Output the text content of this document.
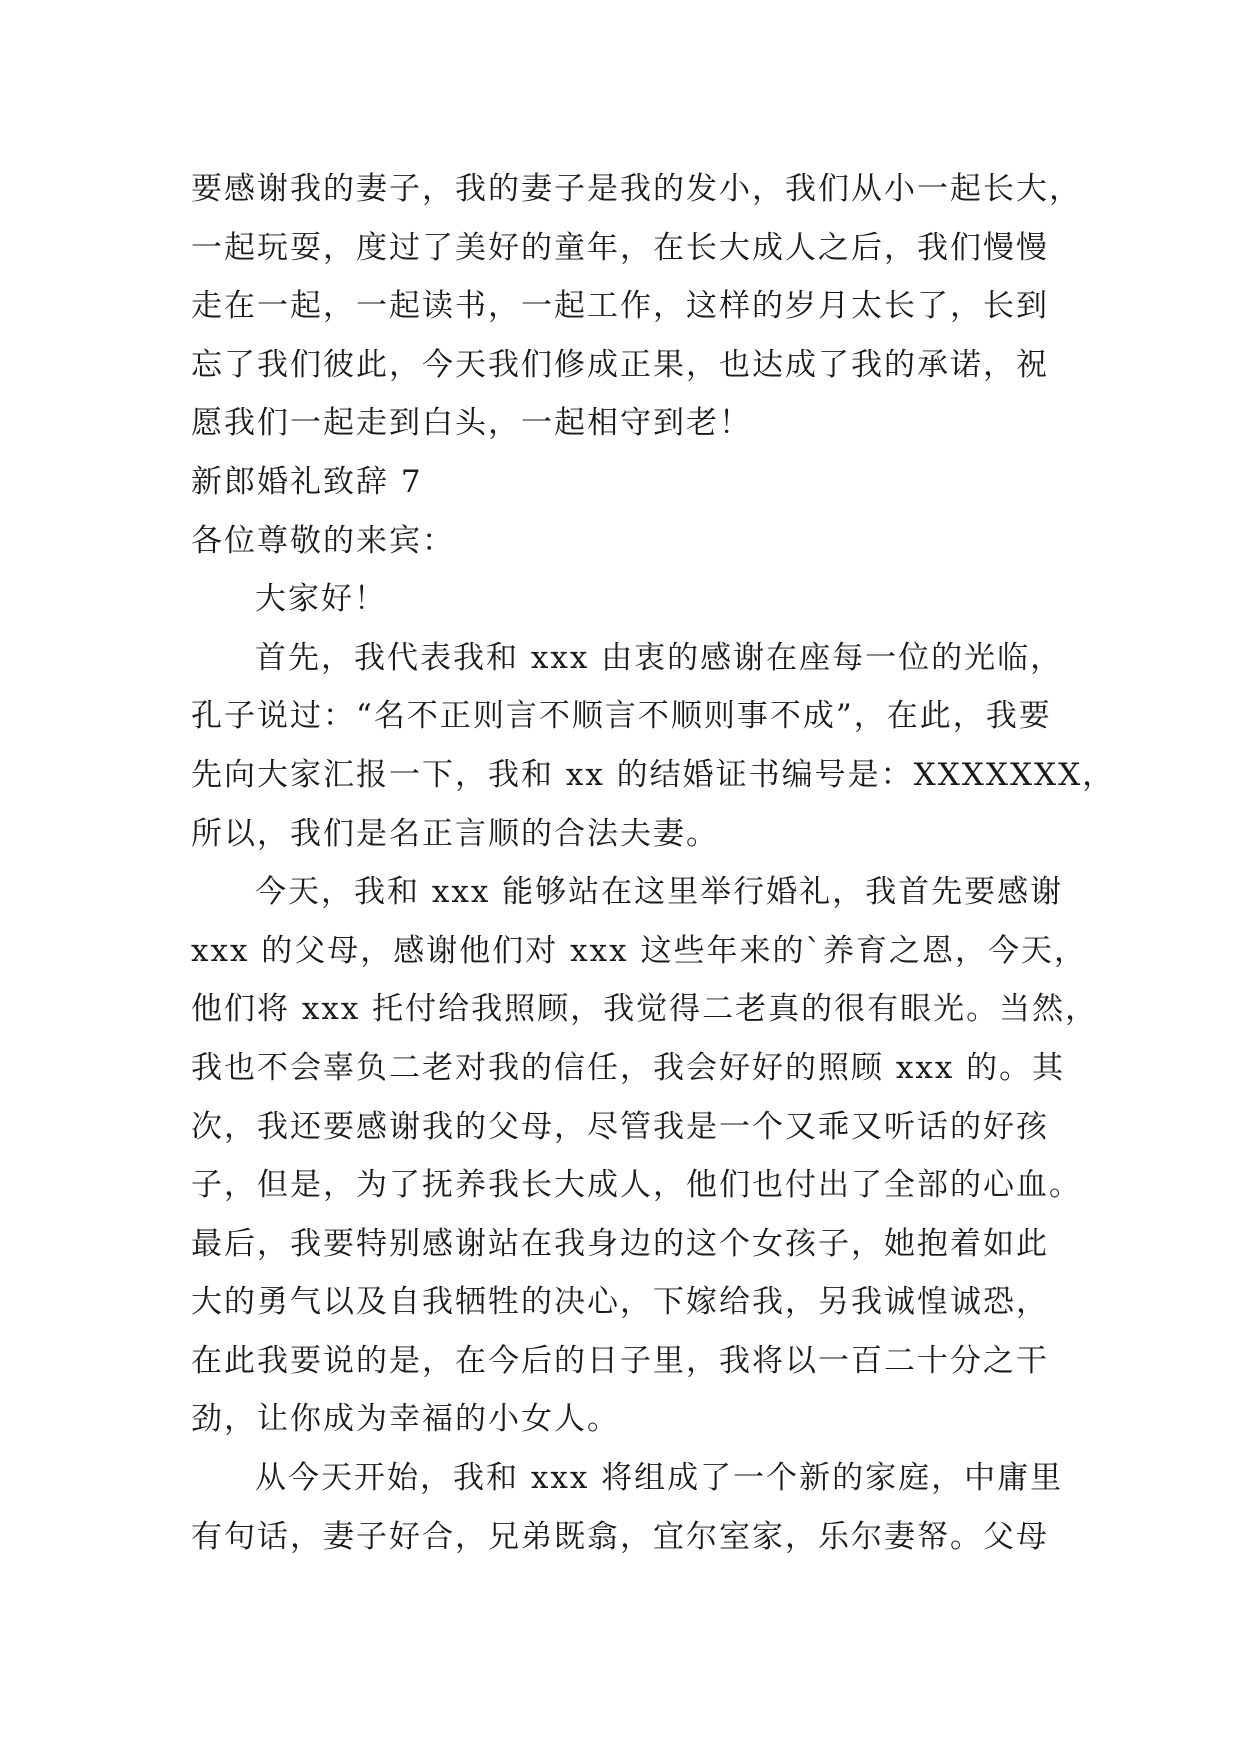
要感谢我的妻子，我的妻子是我的发小，我们从小一起长大，
一起玩耍，度过了美好的童年，在长大成人之后，我们慢慢
走在一起，一起读书，一起工作，这样的岁月太长了，长到
忘了我们彼此，今天我们修成正果，也达成了我的承诺，祝
愿我们一起走到白头，一起相守到老！
新郎婚礼致辞 7
各位尊敬的来宾：
大家好！
首先，我代表我和 xxx 由衷的感谢在座每一位的光临，
孔子说过：“名不正则言不顺言不顺则事不成”，在此，我要
先向大家汇报一下，我和 xx 的结婚证书编号是：XXXXXXX，
所以，我们是名正言顺的合法夫妻。
今天，我和 xxx 能够站在这里举行婚礼，我首先要感谢
xxx 的父母，感谢他们对 xxx 这些年来的`养育之恩，今天，
他们将 xxx 托付给我照顾，我觉得二老真的很有眼光。当然，
我也不会辜负二老对我的信任，我会好好的照顾 xxx 的。其
次，我还要感谢我的父母，尽管我是一个又乖又听话的好孩
子，但是，为了抚养我长大成人，他们也付出了全部的心血。
最后，我要特别感谢站在我身边的这个女孩子，她抱着如此
大的勇气以及自我牺牲的决心，下嫁给我，另我诚惶诚恐，
在此我要说的是，在今后的日子里，我将以一百二十分之干
劲，让你成为幸福的小女人。
从今天开始，我和 xxx 将组成了一个新的家庭，中庸里
有句话，妻子好合，兄弟既翕，宜尔室家，乐尔妻帑。父母
